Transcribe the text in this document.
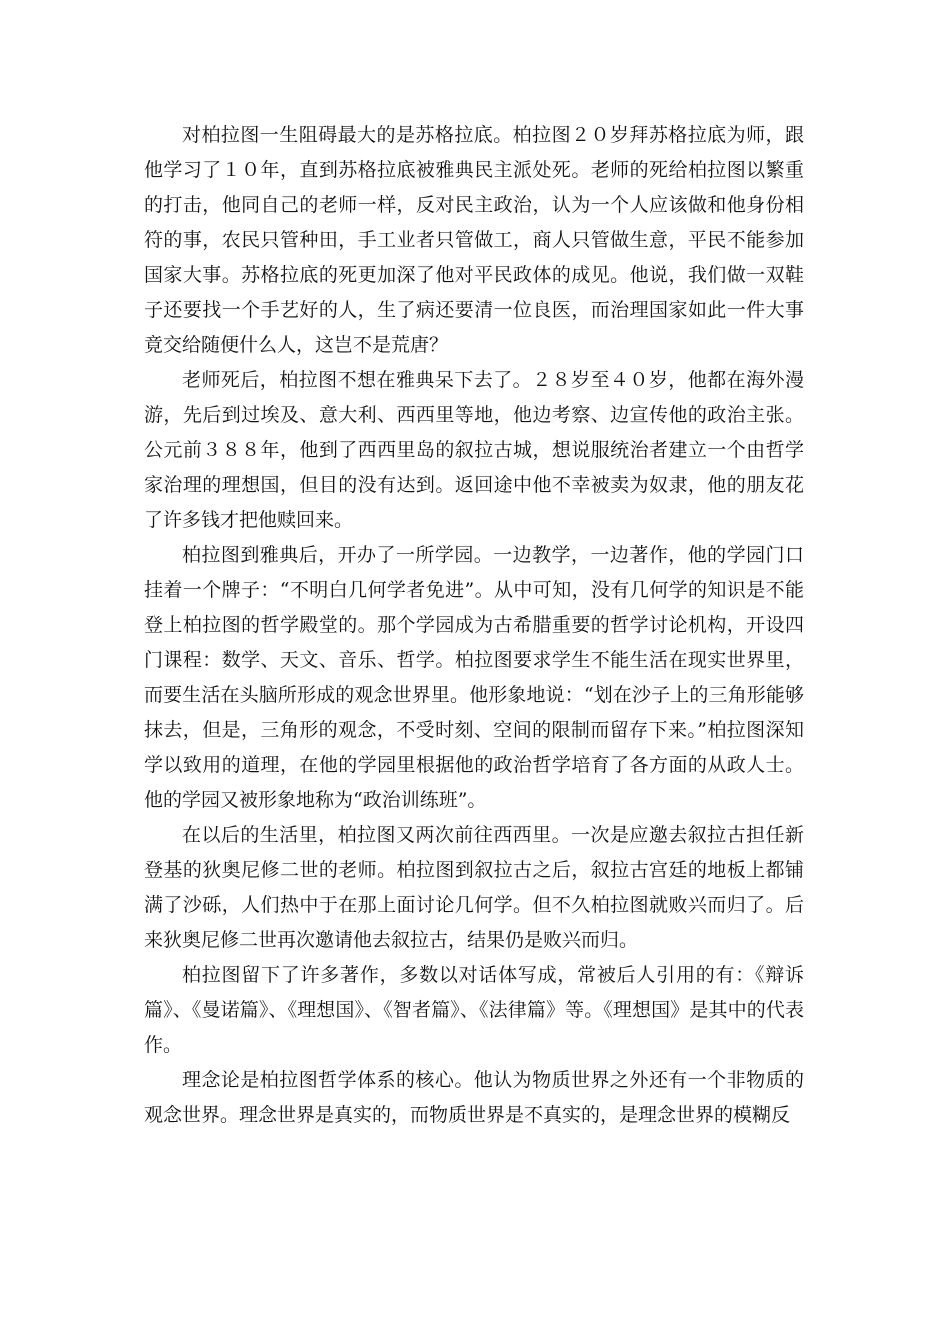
对柏拉图一生阻碍最大的是苏格拉底。柏拉图２０岁拜苏格拉底为师，跟他学习了１０年，直到苏格拉底被雅典民主派处死。老师的死给柏拉图以繁重的打击，他同自己的老师一样，反对民主政治，认为一个人应该做和他身份相符的事，农民只管种田，手工业者只管做工，商人只管做生意，平民不能参加国家大事。苏格拉底的死更加深了他对平民政体的成见。他说，我们做一双鞋子还要找一个手艺好的人，生了病还要清一位良医，而治理国家如此一件大事竟交给随便什么人，这岂不是荒唐？

老师死后，柏拉图不想在雅典呆下去了。２８岁至４０岁，他都在海外漫游，先后到过埃及、意大利、西西里等地，他边考察、边宣传他的政治主张。公元前３８８年，他到了西西里岛的叙拉古城，想说服统治者建立一个由哲学家治理的理想国，但目的没有达到。返回途中他不幸被卖为奴隶，他的朋友花了许多钱才把他赎回来。

柏拉图到雅典后，开办了一所学园。一边教学，一边著作，他的学园门口挂着一个牌子：“不明白几何学者免进”。从中可知，没有几何学的知识是不能登上柏拉图的哲学殿堂的。那个学园成为古希腊重要的哲学讨论机构，开设四门课程：数学、天文、音乐、哲学。柏拉图要求学生不能生活在现实世界里，而要生活在头脑所形成的观念世界里。他形象地说：“划在沙子上的三角形能够抹去，但是，三角形的观念，不受时刻、空间的限制而留存下来。”柏拉图深知学以致用的道理，在他的学园里根据他的政治哲学培育了各方面的从政人士。他的学园又被形象地称为“政治训练班”。

在以后的生活里，柏拉图又两次前往西西里。一次是应邀去叙拉古担任新登基的狄奥尼修二世的老师。柏拉图到叙拉古之后，叙拉古宫廷的地板上都铺满了沙砾，人们热中于在那上面讨论几何学。但不久柏拉图就败兴而归了。后来狄奥尼修二世再次邀请他去叙拉古，结果仍是败兴而归。

柏拉图留下了许多著作，多数以对话体写成，常被后人引用的有：《辩诉篇》、《曼诺篇》、《理想国》、《智者篇》、《法律篇》等。《理想国》是其中的代表作。

理念论是柏拉图哲学体系的核心。他认为物质世界之外还有一个非物质的观念世界。理念世界是真实的，而物质世界是不真实的，是理念世界的模糊反
